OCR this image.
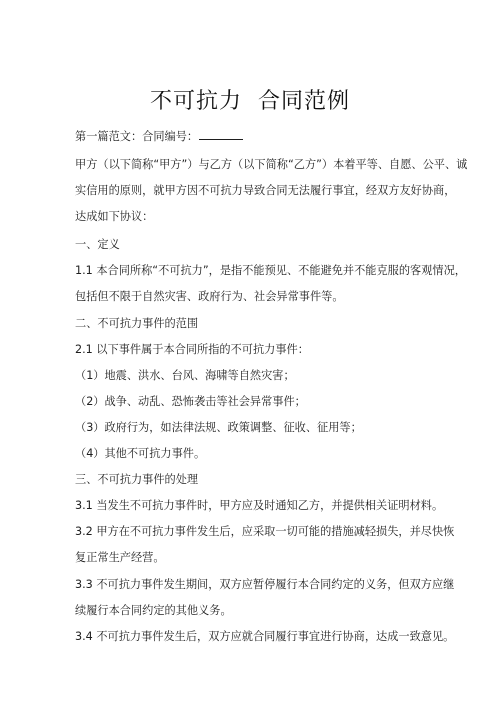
不可抗力  合同范例
第一篇范文：合同编号：
甲方（以下简称“甲方”）与乙方（以下简称“乙方”）本着平等、自愿、公平、诚
实信用的原则，就甲方因不可抗力导致合同无法履行事宜，经双方友好协商，
达成如下协议：
一、定义
1.1 本合同所称“不可抗力”，是指不能预见、不能避免并不能克服的客观情况，
包括但不限于自然灾害、政府行为、社会异常事件等。
二、不可抗力事件的范围
2.1 以下事件属于本合同所指的不可抗力事件：
（1）地震、洪水、台风、海啸等自然灾害；
（2）战争、动乱、恐怖袭击等社会异常事件；
（3）政府行为，如法律法规、政策调整、征收、征用等；
（4）其他不可抗力事件。
三、不可抗力事件的处理
3.1 当发生不可抗力事件时，甲方应及时通知乙方，并提供相关证明材料。
3.2 甲方在不可抗力事件发生后，应采取一切可能的措施减轻损失，并尽快恢
复正常生产经营。
3.3 不可抗力事件发生期间，双方应暂停履行本合同约定的义务，但双方应继
续履行本合同约定的其他义务。
3.4 不可抗力事件发生后，双方应就合同履行事宜进行协商，达成一致意见。
